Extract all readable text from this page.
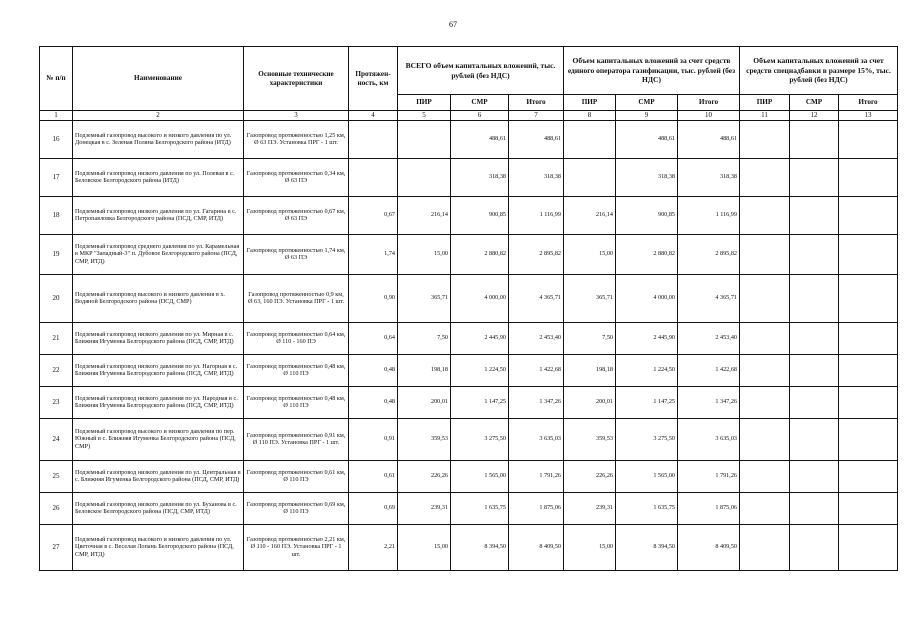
67
№ п/п	Наименование	Основные технические характеристики	Протяжен-ность, км	ВСЕГО объем капитальных вложений, тыс. рублей (без НДС)			Объем капитальных вложений за счет средств единого оператора газификации, тыс. рублей (без НДС)			Объем капитальных вложений за счет средств спецнадбавки в размере 15%, тыс. рублей (без НДС)		
				ПИР	СМР	Итого	ПИР	СМР	Итого	ПИР	СМР	Итого
1	2	3	4	5	6	7	8	9	10	11	12	13
16	Подземный газопровод высокого и низкого давления по ул. Донецкая в с. Зеленая Поляна Белгородского района (ИТД)	Газопровод протяженностью 1,25 км, Ø 63 ПЭ. Установка ПРГ - 1 шт.			488,61	488,61		488,61	488,61			
17	Подземный газопровод низкого давления по ул. Полевая в с. Беловское Белгородского района (ИТД)	Газопровод протяженностью 0,34 км, Ø 63 ПЭ			318,38	318,38		318,38	318,38			
18	Подземный газопровод низкого давления по ул. Гагарина в с. Петропавловка Белгородского района (ПСД, СМР, ИТД)	Газопровод протяженностью 0,67 км, Ø 63 ПЭ	0,67	216,14	900,85	1 116,99	216,14	900,85	1 116,99			
19	Подземный газопровод среднего давления по ул. Карамельная в МКР "Западный-3" п. Дубовое Белгородского района (ПСД, СМР, ИТД)	Газопровод протяженностью 1,74 км, Ø 63 ПЭ	1,74	15,00	2 880,82	2 895,82	15,00	2 880,82	2 895,82			
20	Подземный газопровод высокого и низкого давления в х. Водяной Белгородского района (ПСД, СМР)	Газопровод протяженностью 0,9 км, Ø 63, 160 ПЭ. Установка ПРГ - 1 шт.	0,90	365,71	4 000,00	4 365,71	365,71	4 000,00	4 365,71			
21	Подземный газопровод низкого давления по ул. Мирная в с. Ближняя Игуменка Белгородского района (ПСД, СМР, ИТД)	Газопровод протяженностью 0,64 км, Ø 110 - 160 ПЭ	0,64	7,50	2 445,90	2 453,40	7,50	2 445,90	2 453,40			
22	Подземный газопровод низкого давления по ул. Нагорная в с. Ближняя Игуменка Белгородского района (ПСД, СМР, ИТД)	Газопровод протяженностью 0,48 км, Ø 110 ПЭ	0,48	198,18	1 224,50	1 422,68	198,18	1 224,50	1 422,68			
23	Подземный газопровод низкого давления по ул. Народная в с. Ближняя Игуменка Белгородского района (ПСД, СМР, ИТД)	Газопровод протяженностью 0,48 км, Ø 110 ПЭ	0,48	200,01	1 147,25	1 347,26	200,01	1 147,25	1 347,26			
24	Подземный газопровод высокого и низкого давления по пер. Южный в с. Ближняя Игуменка Белгородского района (ПСД, СМР)	Газопровод протяженностью 0,91 км, Ø 110 ПЭ. Установка ПРГ - 1 шт.	0,91	359,53	3 275,50	3 635,03	359,53	3 275,50	3 635,03			
25	Подземный газопровод низкого давления по ул. Центральная в с. Ближняя Игуменка Белгородского района (ПСД, СМР, ИТД)	Газопровод протяженностью 0,61 км, Ø 110 ПЭ	0,61	226,26	1 565,00	1 791,26	226,26	1 565,00	1 791,26			
26	Подземный газопровод низкого давления по ул. Буханова в с. Беловское Белгородского района (ПСД, СМР, ИТД)	Газопровод протяженностью 0,69 км, Ø 110 ПЭ	0,69	239,31	1 635,75	1 875,06	239,31	1 635,75	1 875,06			
27	Подземный газопровод высокого и низкого давления по ул. Цветочная в с. Веселая Лопань Белгородского района (ПСД, СМР, ИТД)	Газопровод протяженностью 2,21 км, Ø 110 - 160 ПЭ. Установка ПРГ - 1 шт.	2,21	15,00	8 394,50	8 409,50	15,00	8 394,50	8 409,50			
